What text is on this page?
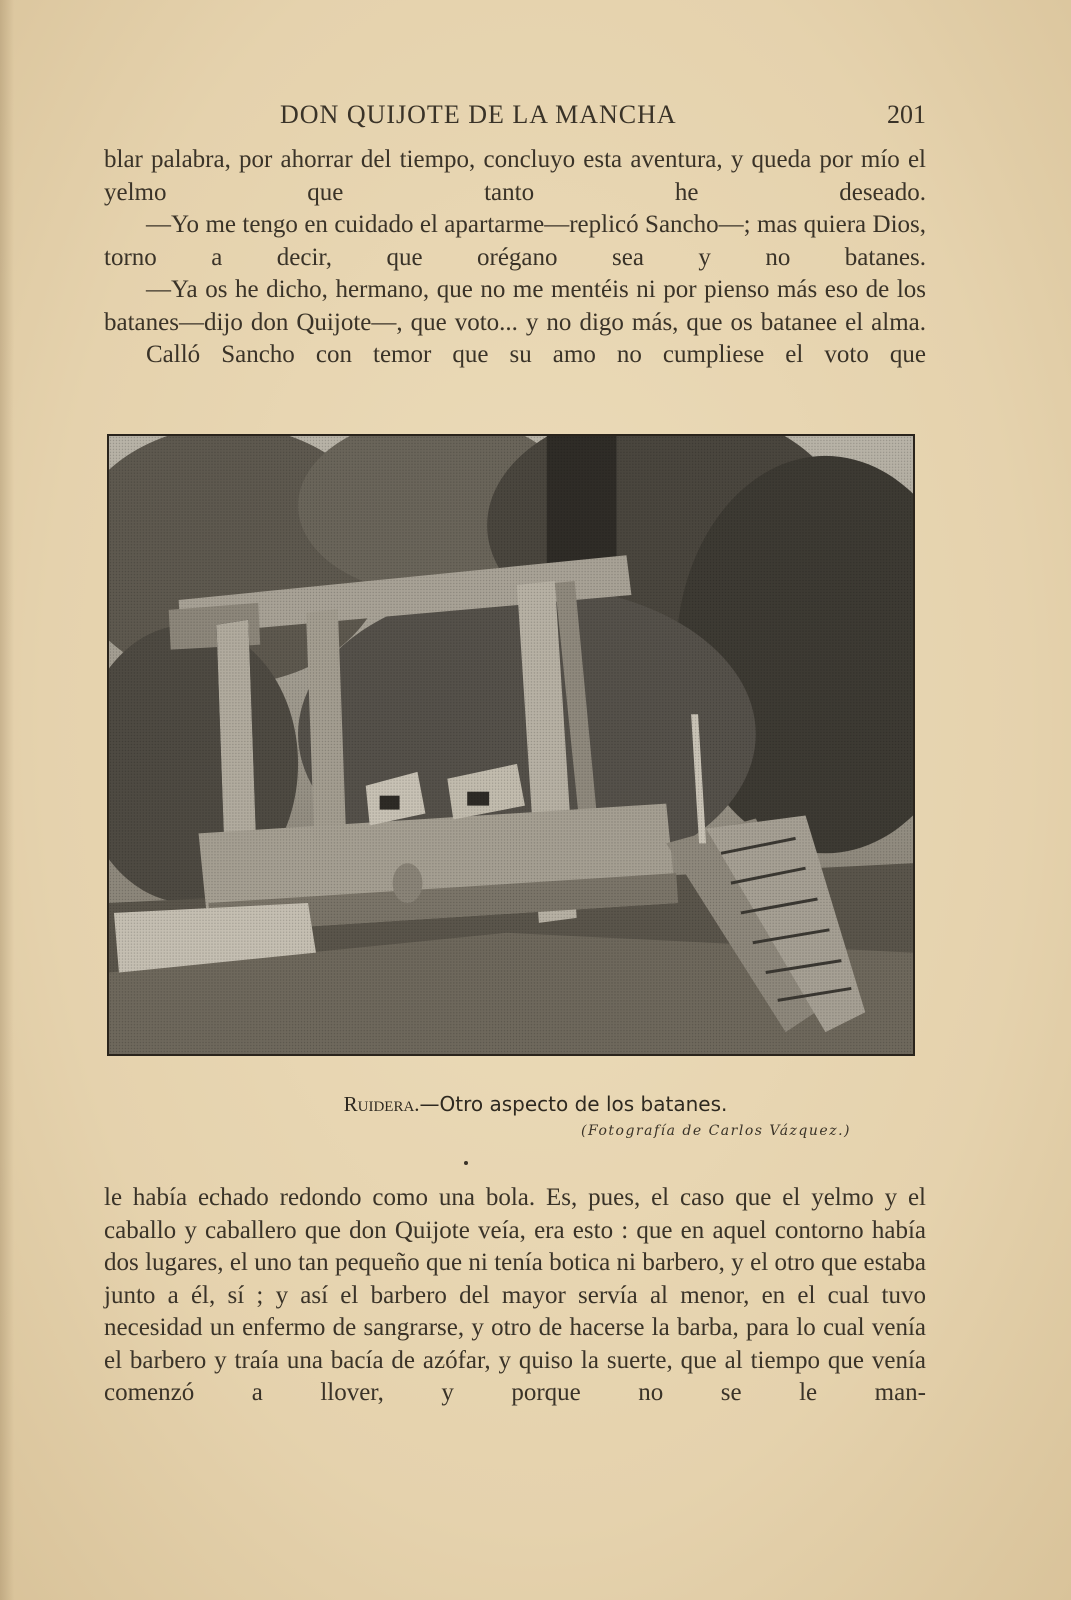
DON QUIJOTE DE LA MANCHA	201

blar palabra, por ahorrar del tiempo, concluyo esta aventura, y queda por mío el yelmo que tanto he deseado.

—Yo me tengo en cuidado el apartarme—replicó Sancho—; mas quiera Dios, torno a decir, que orégano sea y no batanes.

—Ya os he dicho, hermano, que no me mentéis ni por pienso más eso de los batanes—dijo don Quijote—, que voto... y no digo más, que os batanee el alma.

Calló Sancho con temor que su amo no cumpliese el voto que

Ruidera.—Otro aspecto de los batanes.
(Fotografía de Carlos Vázquez.)

le había echado redondo como una bola. Es, pues, el caso que el yelmo y el caballo y caballero que don Quijote veía, era esto : que en aquel contorno había dos lugares, el uno tan pequeño que ni tenía botica ni barbero, y el otro que estaba junto a él, sí ; y así el barbero del mayor servía al menor, en el cual tuvo necesidad un enfermo de sangrarse, y otro de hacerse la barba, para lo cual venía el barbero y traía una bacía de azófar, y quiso la suerte, que al tiempo que venía comenzó a llover, y porque no se le man-
